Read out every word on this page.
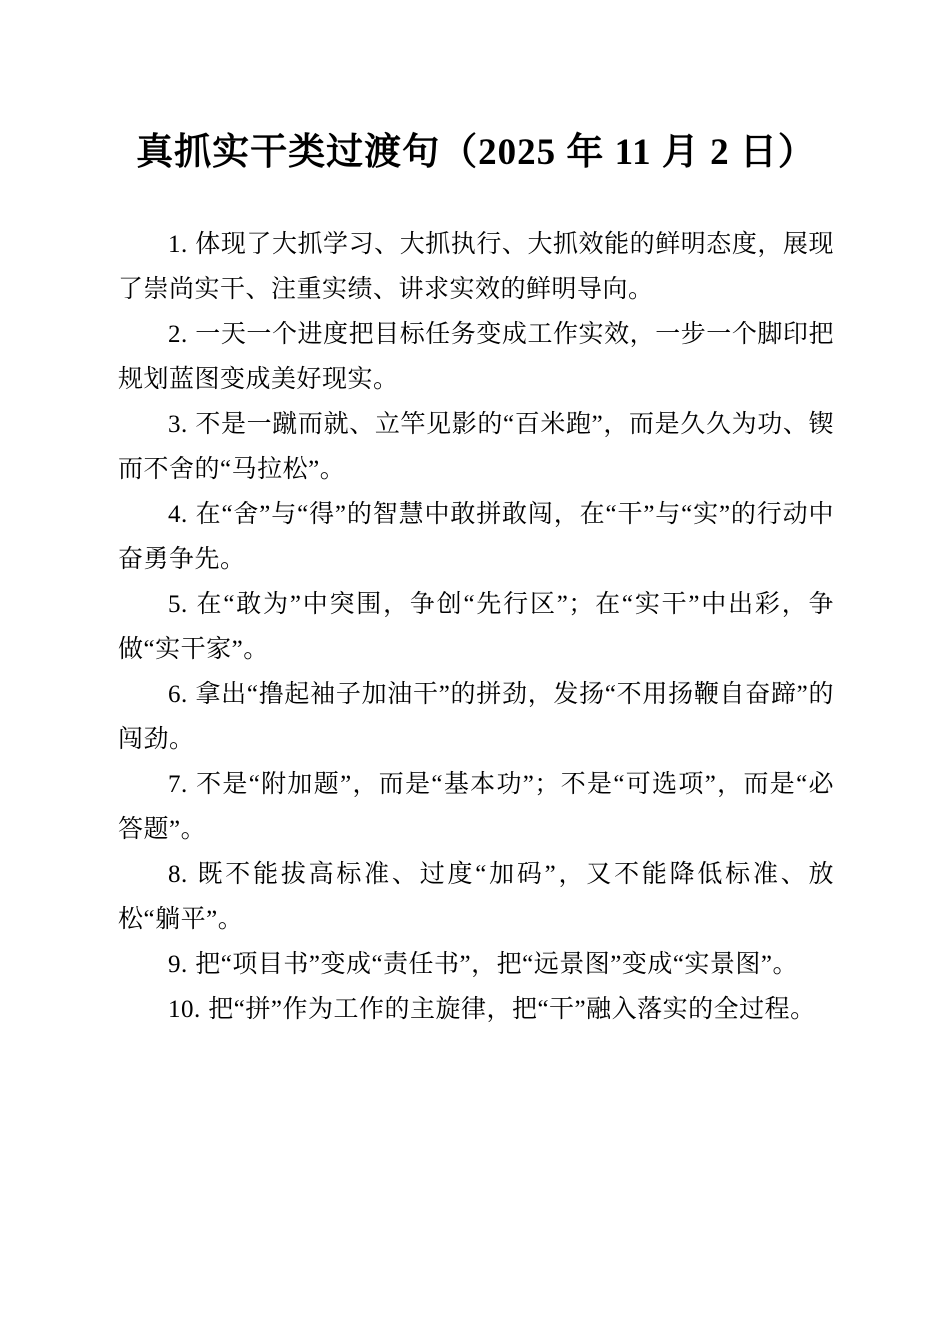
真抓实干类过渡句（2025 年 11 月 2 日）

1. 体现了大抓学习、大抓执行、大抓效能的鲜明态度，展现了崇尚实干、注重实绩、讲求实效的鲜明导向。

2. 一天一个进度把目标任务变成工作实效，一步一个脚印把规划蓝图变成美好现实。

3. 不是一蹴而就、立竿见影的“百米跑”，而是久久为功、锲而不舍的“马拉松”。

4. 在“舍”与“得”的智慧中敢拼敢闯，在“干”与“实”的行动中奋勇争先。

5. 在“敢为”中突围，争创“先行区”；在“实干”中出彩，争做“实干家”。

6. 拿出“撸起袖子加油干”的拼劲，发扬“不用扬鞭自奋蹄”的闯劲。

7. 不是“附加题”，而是“基本功”；不是“可选项”，而是“必答题”。

8. 既不能拔高标准、过度“加码”，又不能降低标准、放松“躺平”。

9. 把“项目书”变成“责任书”，把“远景图”变成“实景图”。

10. 把“拼”作为工作的主旋律，把“干”融入落实的全过程。
